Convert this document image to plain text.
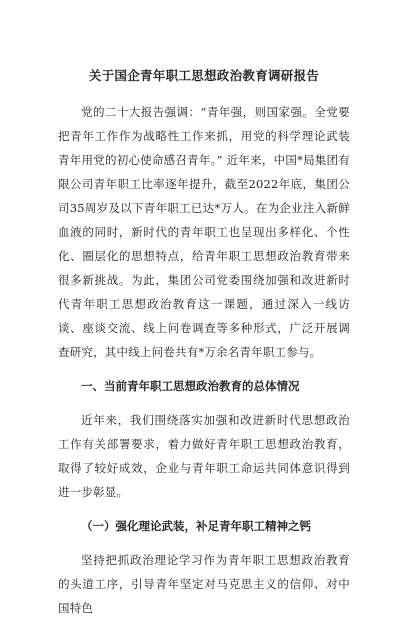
关于国企青年职工思想政治教育调研报告

党的二十大报告强调：“青年强，则国家强。全党要把青年工作作为战略性工作来抓，用党的科学理论武装青年用党的初心使命感召青年。” 近年来，中国*局集团有限公司青年职工比率逐年提升，截至2022年底，集团公司35周岁及以下青年职工已达*万人。在为企业注入新鲜血液的同时，新时代的青年职工也呈现出多样化、个性化、圈层化的思想特点，给青年职工思想政治教育带来很多新挑战。为此，集团公司党委围绕加强和改进新时代青年职工思想政治教育这一课题，通过深入一线访谈、座谈交流、线上问卷调查等多种形式，广泛开展调查研究，其中线上问卷共有*万余名青年职工参与。

一、当前青年职工思想政治教育的总体情况

近年来，我们围绕落实加强和改进新时代思想政治工作有关部署要求，着力做好青年职工思想政治教育，取得了较好成效，企业与青年职工命运共同体意识得到进一步彰显。

（一）强化理论武装，补足青年职工精神之钙

坚持把抓政治理论学习作为青年职工思想政治教育的头道工序，引导青年坚定对马克思主义的信仰、对中国特色
